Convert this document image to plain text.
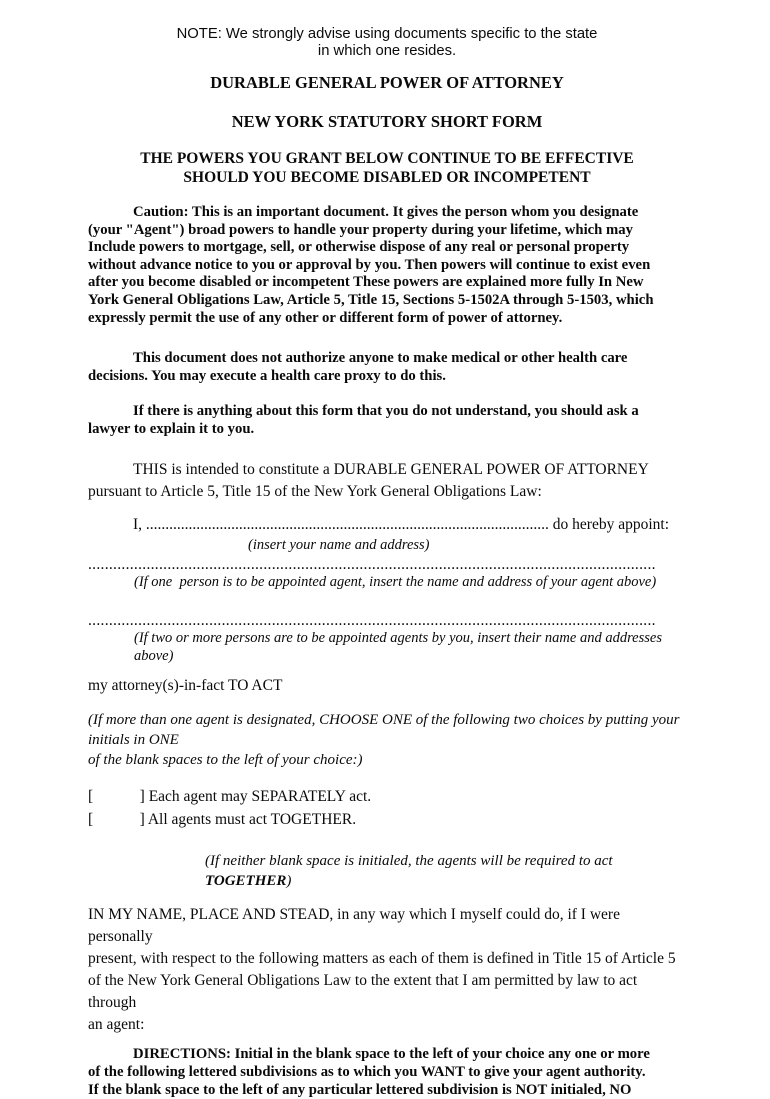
NOTE: We strongly advise using documents specific to the state
in which one resides.

DURABLE GENERAL POWER OF ATTORNEY

NEW YORK STATUTORY SHORT FORM

THE POWERS YOU GRANT BELOW CONTINUE TO BE EFFECTIVE
SHOULD YOU BECOME DISABLED OR INCOMPETENT

Caution: This is an important document. It gives the person whom you designate
(your "Agent") broad powers to handle your property during your lifetime, which may
Include powers to mortgage, sell, or otherwise dispose of any real or personal property
without advance notice to you or approval by you. Then powers will continue to exist even
after you become disabled or incompetent These powers are explained more fully In New
York General Obligations Law, Article 5, Title 15, Sections 5-1502A through 5-1503, which
expressly permit the use of any other or different form of power of attorney.

This document does not authorize anyone to make medical or other health care
decisions. You may execute a health care proxy to do this.

If there is anything about this form that you do not understand, you should ask a
lawyer to explain it to you.

THIS is intended to constitute a DURABLE GENERAL POWER OF ATTORNEY
pursuant to Article 5, Title 15 of the New York General Obligations Law:

I, ........................................................................................................ do hereby appoint:

(insert your name and address)

........................................................................................................................................

(If one  person is to be appointed agent, insert the name and address of your agent above)

........................................................................................................................................

(If two or more persons are to be appointed agents by you, insert their name and addresses above)

my attorney(s)-in-fact TO ACT

(If more than one agent is designated, CHOOSE ONE of the following two choices by putting your initials in ONE
of the blank spaces to the left of your choice:)

[            ] Each agent may SEPARATELY act.

[            ] All agents must act TOGETHER.

(If neither blank space is initialed, the agents will be required to act TOGETHER)

IN MY NAME, PLACE AND STEAD, in any way which I myself could do, if I were personally
present, with respect to the following matters as each of them is defined in Title 15 of Article 5
of the New York General Obligations Law to the extent that I am permitted by law to act through
an agent:

DIRECTIONS: Initial in the blank space to the left of your choice any one or more
of the following lettered subdivisions as to which you WANT to give your agent authority.
If the blank space to the left of any particular lettered subdivision is NOT initialed, NO
